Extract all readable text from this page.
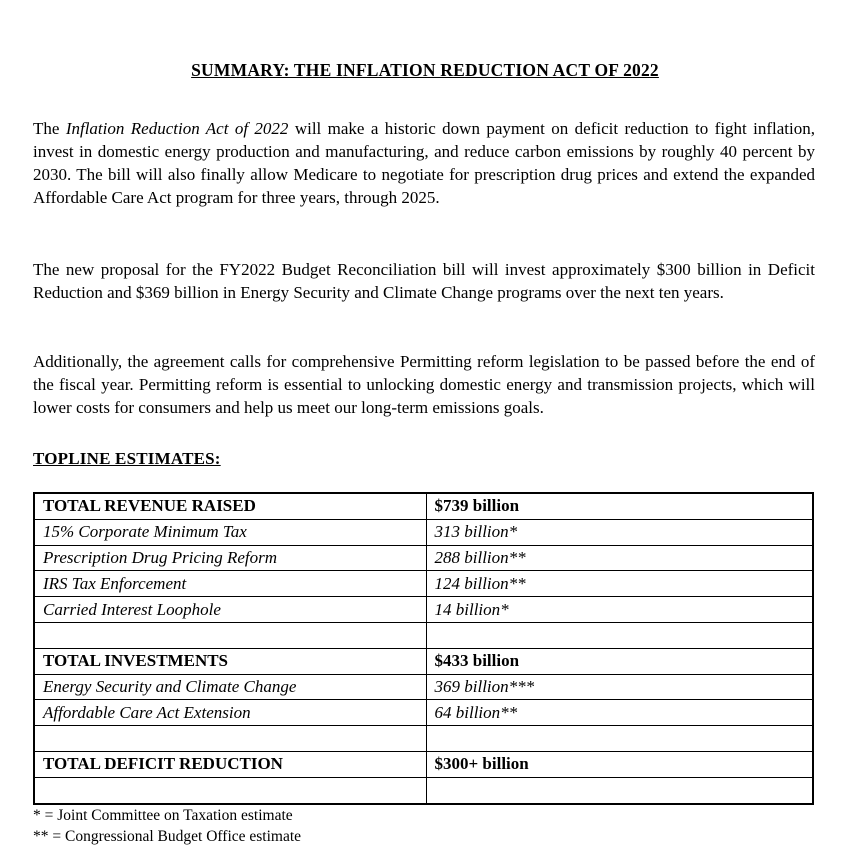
SUMMARY: THE INFLATION REDUCTION ACT OF 2022

The Inflation Reduction Act of 2022 will make a historic down payment on deficit reduction to fight inflation, invest in domestic energy production and manufacturing, and reduce carbon emissions by roughly 40 percent by 2030. The bill will also finally allow Medicare to negotiate for prescription drug prices and extend the expanded Affordable Care Act program for three years, through 2025.

The new proposal for the FY2022 Budget Reconciliation bill will invest approximately $300 billion in Deficit Reduction and $369 billion in Energy Security and Climate Change programs over the next ten years.

Additionally, the agreement calls for comprehensive Permitting reform legislation to be passed before the end of the fiscal year. Permitting reform is essential to unlocking domestic energy and transmission projects, which will lower costs for consumers and help us meet our long-term emissions goals.

TOPLINE ESTIMATES:
TOTAL REVENUE RAISED	$739 billion
15% Corporate Minimum Tax	313 billion*
Prescription Drug Pricing Reform	288 billion**
IRS Tax Enforcement	124 billion**
Carried Interest Loophole	14 billion*

TOTAL INVESTMENTS	$433 billion
Energy Security and Climate Change	369 billion***
Affordable Care Act Extension	64 billion**

TOTAL DEFICIT REDUCTION	$300+ billion

* = Joint Committee on Taxation estimate
** = Congressional Budget Office estimate
